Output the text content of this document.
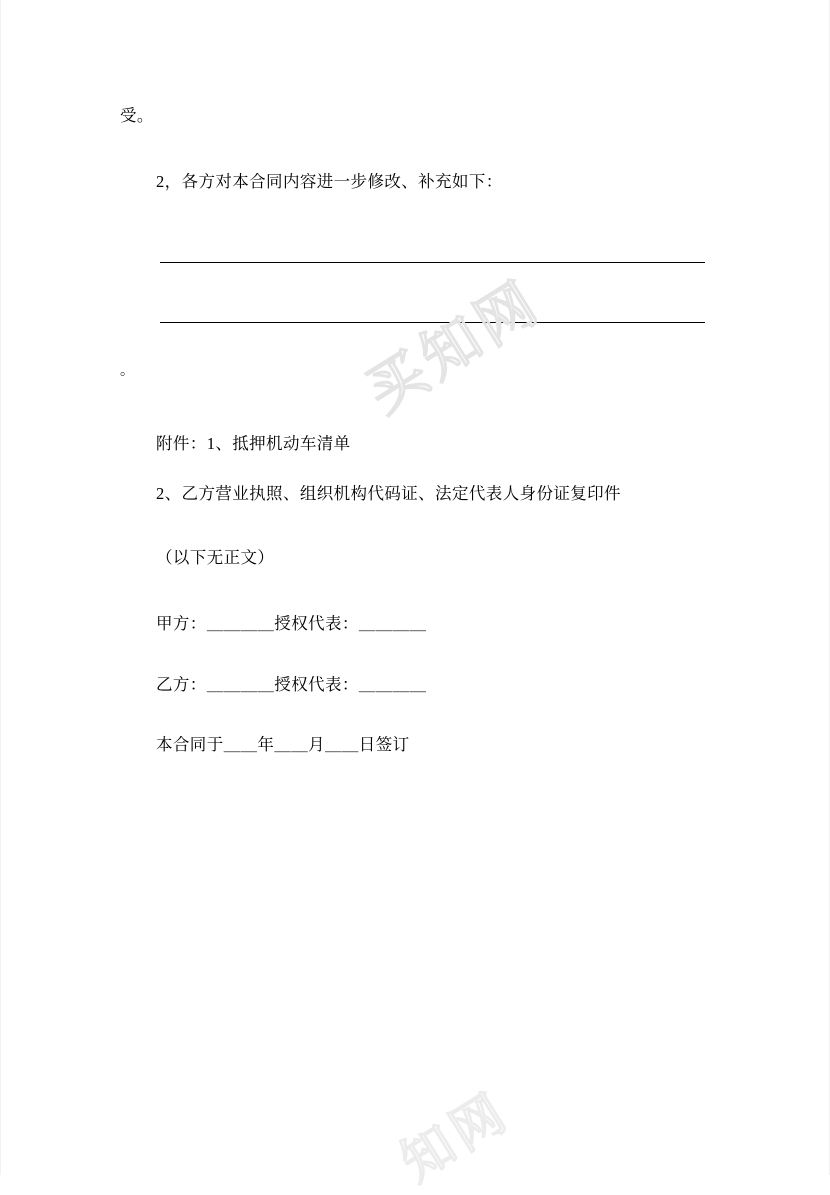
受。
2，各方对本合同内容进一步修改、补充如下：
。
附件：1、抵押机动车清单
2、乙方营业执照、组织机构代码证、法定代表人身份证复印件
（以下无正文）
甲方：＿＿＿＿授权代表：＿＿＿＿
乙方：＿＿＿＿授权代表：＿＿＿＿
本合同于＿＿年＿＿月＿＿日签订
买知网
知网
